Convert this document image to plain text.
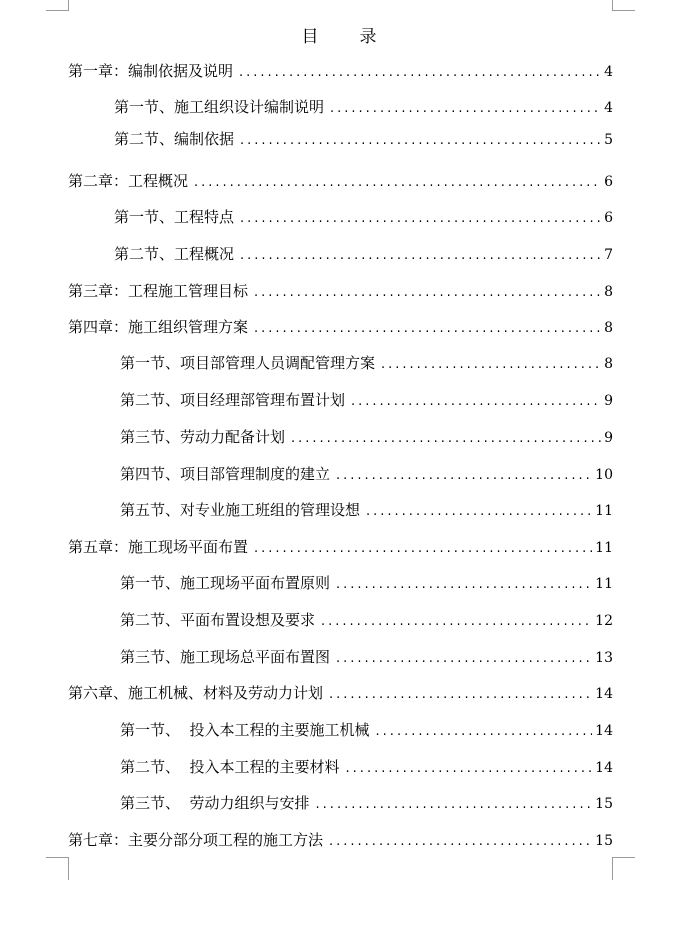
目 录
第一章：编制依据及说明 .....	4
第一节、施工组织设计编制说明 .....	4
第二节、编制依据 .....	5
第二章：工程概况 .....	6
第一节、工程特点 .....	6
第二节、工程概况 .....	7
第三章：工程施工管理目标 .....	8
第四章：施工组织管理方案 .....	8
第一节、项目部管理人员调配管理方案 .....	8
第二节、项目经理部管理布置计划 .....	9
第三节、劳动力配备计划 .....	9
第四节、项目部管理制度的建立 .....	10
第五节、对专业施工班组的管理设想 .....	11
第五章：施工现场平面布置 .....	11
第一节、施工现场平面布置原则 .....	11
第二节、平面布置设想及要求 .....	12
第三节、施工现场总平面布置图 .....	13
第六章、施工机械、材料及劳动力计划 .....	14
第一节、  投入本工程的主要施工机械 .....	14
第二节、  投入本工程的主要材料 .....	14
第三节、  劳动力组织与安排 .....	15
第七章：主要分部分项工程的施工方法 .....	15
